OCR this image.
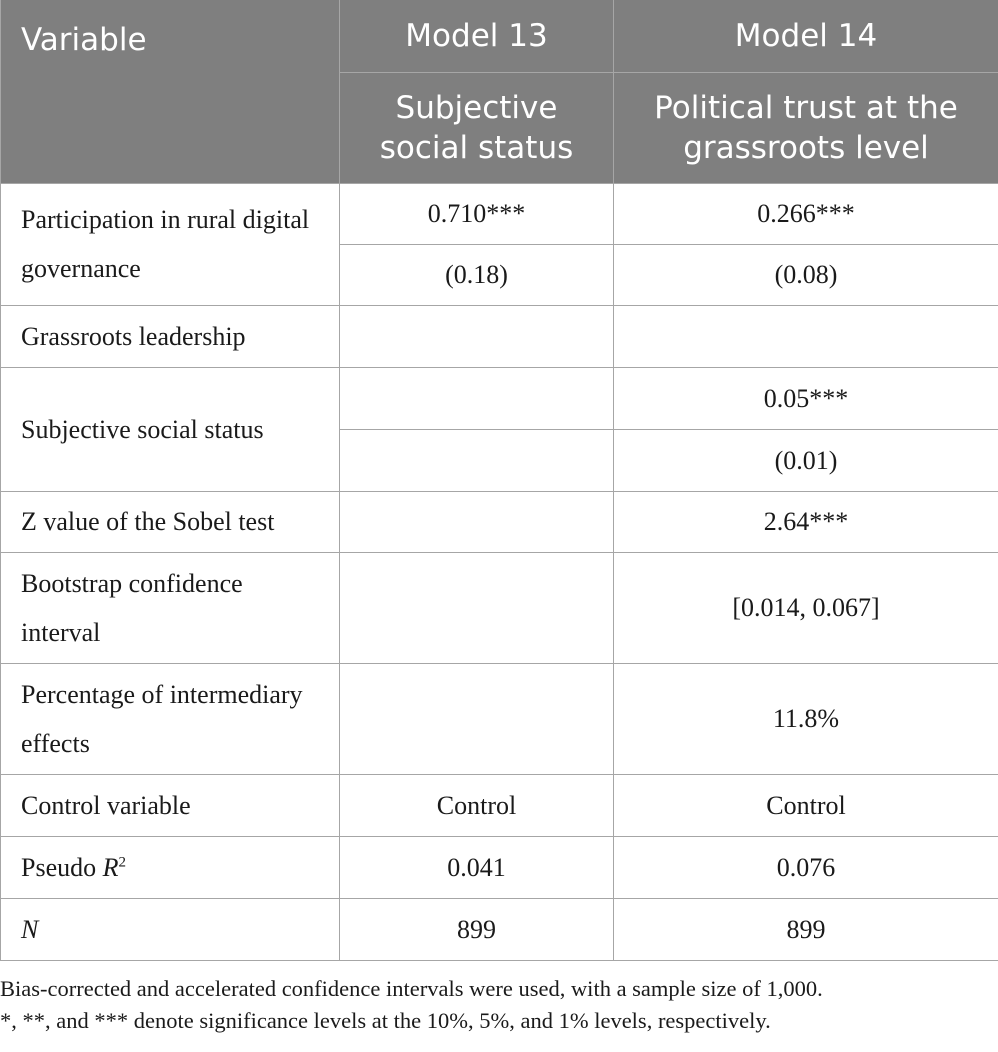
Variable	Model 13	Model 14
	Subjective social status	Political trust at the grassroots level
Participation in rural digital governance	0.710***	0.266***
	(0.18)	(0.08)
Grassroots leadership		
Subjective social status		0.05***
		(0.01)
Z value of the Sobel test		2.64***
Bootstrap confidence interval		[0.014, 0.067]
Percentage of intermediary effects		11.8%
Control variable	Control	Control
Pseudo $R^2$	0.041	0.076
N	899	899

Bias-corrected and accelerated confidence intervals were used, with a sample size of 1,000.

*, **, and *** denote significance levels at the 10%, 5%, and 1% levels, respectively.
